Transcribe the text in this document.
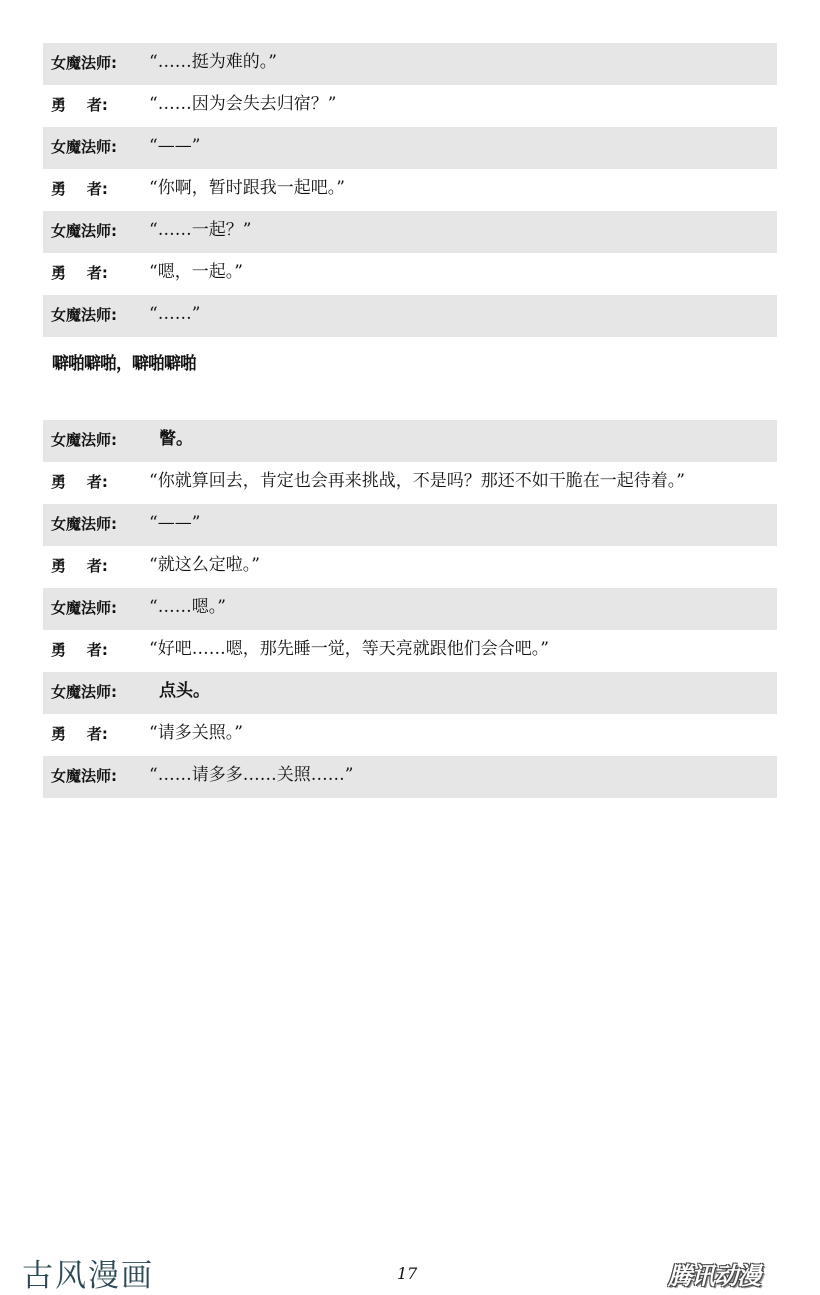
女魔法师:	“……挺为难的。”
勇    者:	“……因为会失去归宿？”
女魔法师:	“——”
勇    者:	“你啊，暂时跟我一起吧。”
女魔法师:	“……一起？”
勇    者:	“嗯，一起。”
女魔法师:	“……”
噼啪噼啪，噼啪噼啪
女魔法师:	瞥。
勇    者:	“你就算回去，肯定也会再来挑战，不是吗？那还不如干脆在一起待着。”
女魔法师:	“——”
勇    者:	“就这么定啦。”
女魔法师:	“……嗯。”
勇    者:	“好吧……嗯，那先睡一觉，等天亮就跟他们会合吧。”
女魔法师:	点头。
勇    者:	“请多关照。”
女魔法师:	“……请多多……关照……”
古风漫画	17	腾讯动漫
